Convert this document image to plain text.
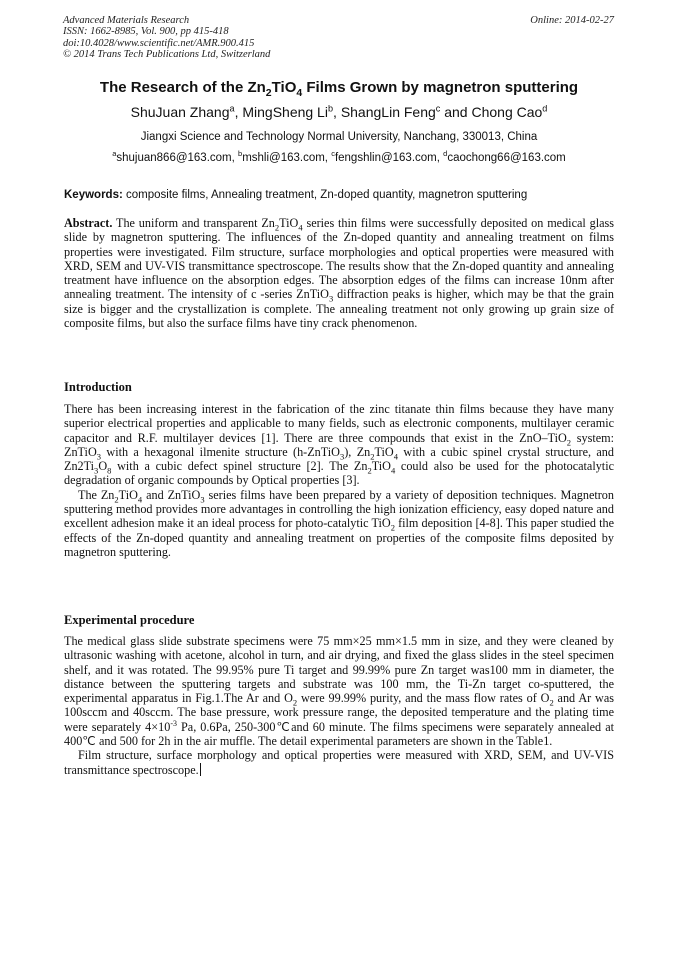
Advanced Materials Research
ISSN: 1662-8985, Vol. 900, pp 415-418
doi:10.4028/www.scientific.net/AMR.900.415
© 2014 Trans Tech Publications Ltd, Switzerland
Online: 2014-02-27
The Research of the $Zn_2TiO_4$ Films Grown by magnetron sputtering
ShuJuan Zhang$^a$, MingSheng Li$^b$, ShangLin Feng$^c$ and Chong Cao$^d$
Jiangxi Science and Technology Normal University, Nanchang, 330013, China
$^a$shujuan866@163.com, $^b$mshli@163.com, $^c$fengshlin@163.com, $^d$caochong66@163.com
Keywords: composite films, Annealing treatment, Zn-doped quantity, magnetron sputtering

Abstract. The uniform and transparent $Zn_2TiO_4$ series thin films were successfully deposited on medical glass slide by magnetron sputtering. The influences of the Zn-doped quantity and annealing treatment on films properties were investigated. Film structure, surface morphologies and optical properties were measured with XRD, SEM and UV-VIS transmittance spectroscope. The results show that the Zn-doped quantity and annealing treatment have influence on the absorption edges. The absorption edges of the films can increase 10nm after annealing treatment. The intensity of c -series ZnTiO$_3$ diffraction peaks is higher, which may be that the grain size is bigger and the crystallization is complete. The annealing treatment not only growing up grain size of composite films, but also the surface films have tiny crack phenomenon.

Introduction

There has been increasing interest in the fabrication of the zinc titanate thin films because they have many superior electrical properties and applicable to many fields, such as electronic components, multilayer ceramic capacitor and R.F. multilayer devices [1]. There are three compounds that exist in the ZnO–TiO$_2$ system: ZnTiO$_3$ with a hexagonal ilmenite structure (h-ZnTiO$_3$), $Zn_2TiO_4$ with a cubic spinel crystal structure, and $Zn2Ti_3O_8$ with a cubic defect spinel structure [2]. The $Zn_2TiO_4$ could also be used for the photocatalytic degradation of organic compounds by Optical properties [3].

The $Zn_2TiO_4$ and ZnTiO$_3$ series films have been prepared by a variety of deposition techniques. Magnetron sputtering method provides more advantages in controlling the high ionization efficiency, easy doped nature and excellent adhesion make it an ideal process for photo-catalytic TiO$_2$ film deposition [4-8]. This paper studied the effects of the Zn-doped quantity and annealing treatment on properties of the composite films deposited by magnetron sputtering.

Experimental procedure

The medical glass slide substrate specimens were 75 mm×25 mm×1.5 mm in size, and they were cleaned by ultrasonic washing with acetone, alcohol in turn, and air drying, and fixed the glass slides in the steel specimen shelf, and it was rotated. The 99.95% pure Ti target and 99.99% pure Zn target was100 mm in diameter, the distance between the sputtering targets and substrate was 100 mm, the Ti-Zn target co-sputtered, the experimental apparatus in Fig.1.The Ar and $O_2$ were 99.99% purity, and the mass flow rates of $O_2$ and Ar was 100sccm and 40sccm. The base pressure, work pressure range, the deposited temperature and the plating time were separately $4\times 10^{-3}$ Pa, 0.6Pa, 250-300℃and 60 minute. The films specimens were separately annealed at 400℃ and 500 for 2h in the air muffle. The detail experimental parameters are shown in the Table1.

Film structure, surface morphology and optical properties were measured with XRD, SEM, and UV-VIS transmittance spectroscope.
